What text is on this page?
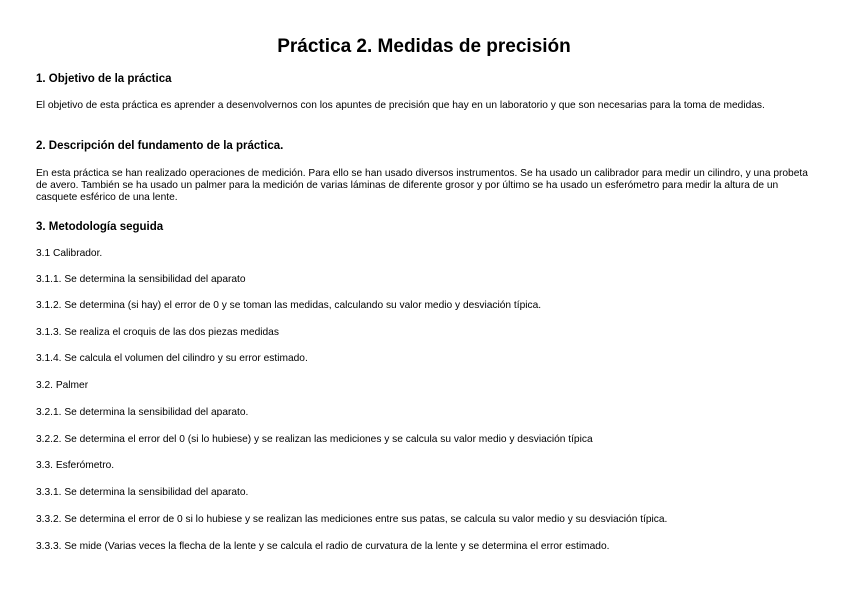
Práctica 2. Medidas de precisión
1. Objetivo de la práctica

El objetivo de esta práctica es aprender a desenvolvernos con los apuntes de precisión que hay en un laboratorio y que son necesarias para la toma de medidas.

2. Descripción del fundamento de la práctica.

En esta práctica se han realizado operaciones de medición. Para ello se han usado diversos instrumentos. Se ha usado un calibrador para medir un cilindro, y una probeta de avero. También se ha usado un palmer para la medición de varias láminas de diferente grosor y por último se ha usado un esferómetro para medir la altura de un casquete esférico de una lente.

3. Metodología seguida

3.1 Calibrador.

3.1.1. Se determina la sensibilidad del aparato

3.1.2. Se determina (si hay) el error de 0 y se toman las medidas, calculando su valor medio y desviación típica.

3.1.3. Se realiza el croquis de las dos piezas medidas

3.1.4. Se calcula el volumen del cilindro y su error estimado.

3.2. Palmer

3.2.1. Se determina la sensibilidad del aparato.

3.2.2. Se determina el error del 0 (si lo hubiese) y se realizan las mediciones y se calcula su valor medio y desviación típica

3.3. Esferómetro.

3.3.1. Se determina la sensibilidad del aparato.

3.3.2. Se determina el error de 0 si lo hubiese y se realizan las mediciones entre sus patas, se calcula su valor medio y su desviación típica.

3.3.3. Se mide (Varias veces la flecha de la lente y se calcula el radio de curvatura de la lente y se determina el error estimado.
